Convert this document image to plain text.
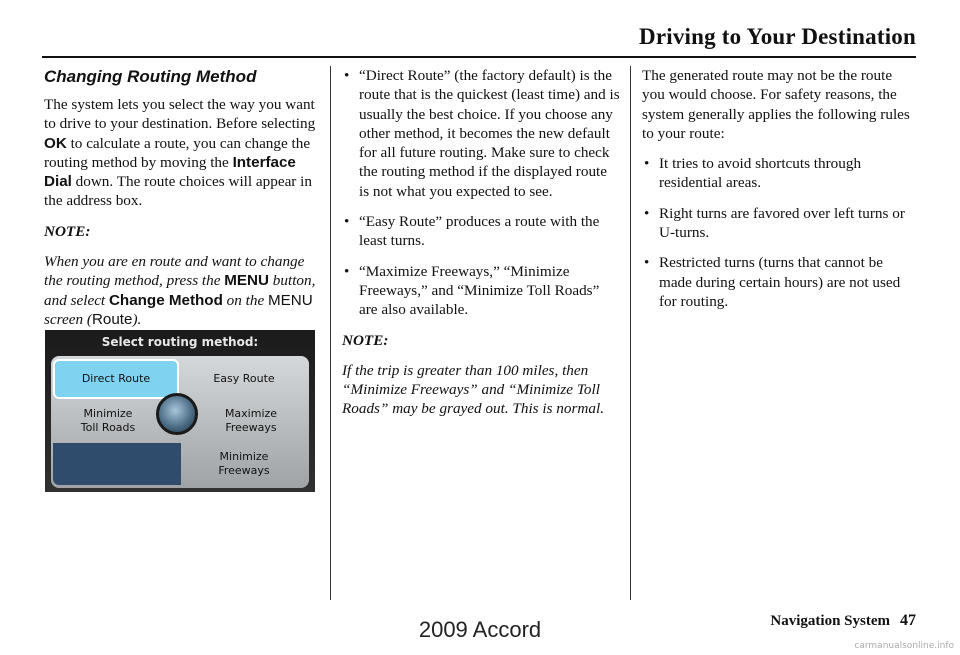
Driving to Your Destination
Changing Routing Method

The system lets you select the way you want to drive to your destination. Before selecting OK to calculate a route, you can change the routing method by moving the Interface Dial down. The route choices will appear in the address box.

NOTE:

When you are en route and want to change the routing method, press the MENU button, and select Change Method on the MENU screen (Route).

Select routing method:
Direct Route	Easy Route
Minimize
Toll Roads
Maximize
Freeways
Minimize
Freeways
• “Direct Route” (the factory default) is the route that is the quickest (least time) and is usually the best choice. If you choose any other method, it becomes the new default for all future routing. Make sure to check the routing method if the displayed route is not what you expected to see.
• “Easy Route” produces a route with the least turns.
• “Maximize Freeways,” “Minimize Freeways,” and “Minimize Toll Roads” are also available.

NOTE:

If the trip is greater than 100 miles, then “Minimize Freeways” and “Minimize Toll Roads” may be grayed out. This is normal.

The generated route may not be the route you would choose. For safety reasons, the system generally applies the following rules to your route:

• It tries to avoid shortcuts through residential areas.
• Right turns are favored over left turns or U-turns.
• Restricted turns (turns that cannot be made during certain hours) are not used for routing.
Navigation System 47
2009 Accord
carmanualsonline.info
